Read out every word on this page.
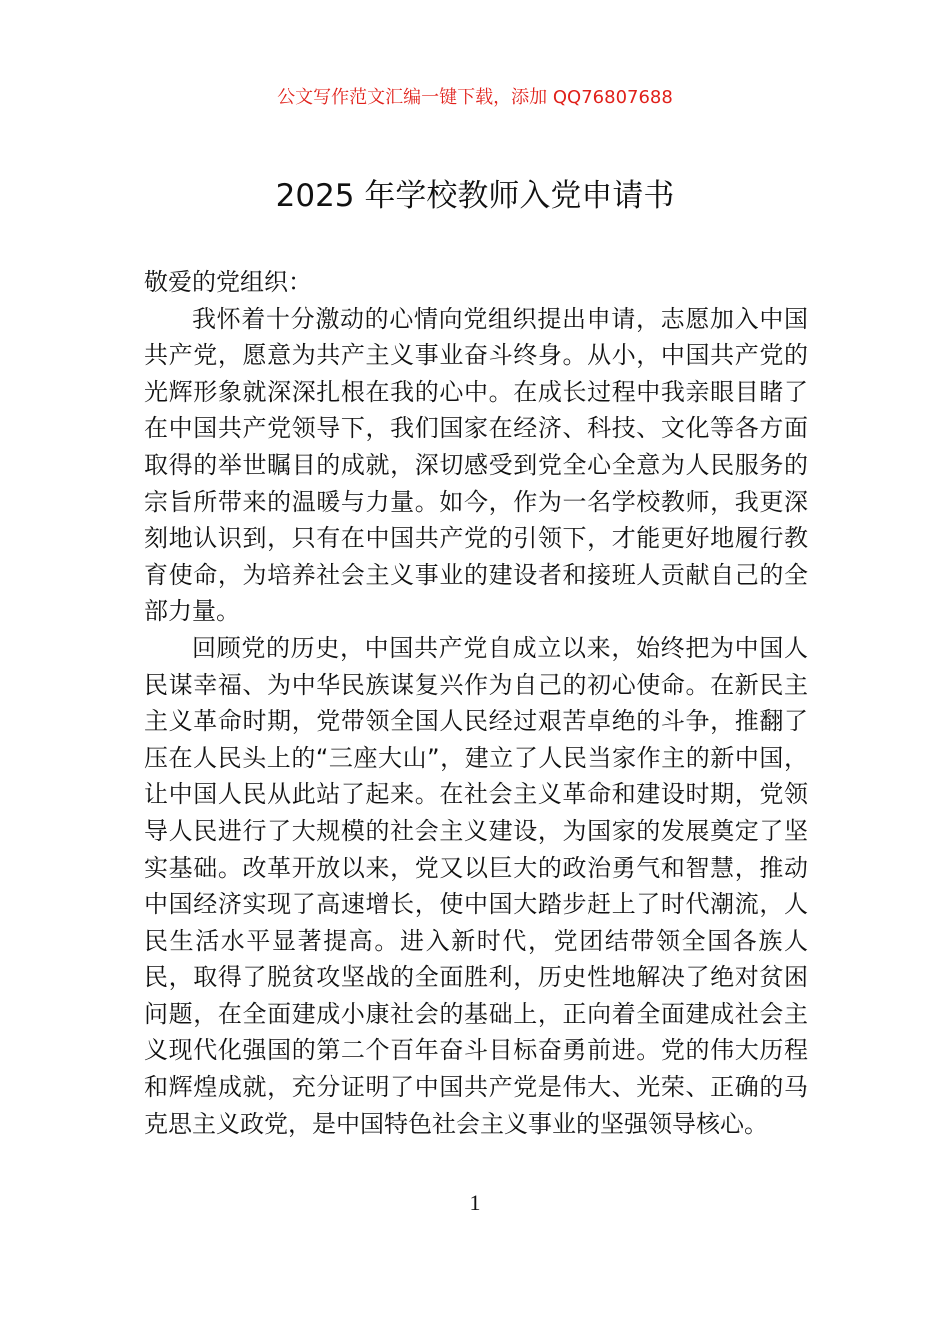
公文写作范文汇编一键下载，添加 QQ76807688
2025 年学校教师入党申请书

敬爱的党组织：

我怀着十分激动的心情向党组织提出申请，志愿加入中国共产党，愿意为共产主义事业奋斗终身。从小，中国共产党的光辉形象就深深扎根在我的心中。在成长过程中我亲眼目睹了在中国共产党领导下，我们国家在经济、科技、文化等各方面取得的举世瞩目的成就，深切感受到党全心全意为人民服务的宗旨所带来的温暖与力量。如今，作为一名学校教师，我更深刻地认识到，只有在中国共产党的引领下，才能更好地履行教育使命，为培养社会主义事业的建设者和接班人贡献自己的全部力量。

回顾党的历史，中国共产党自成立以来，始终把为中国人民谋幸福、为中华民族谋复兴作为自己的初心使命。在新民主主义革命时期，党带领全国人民经过艰苦卓绝的斗争，推翻了压在人民头上的“三座大山”，建立了人民当家作主的新中国，让中国人民从此站了起来。在社会主义革命和建设时期，党领导人民进行了大规模的社会主义建设，为国家的发展奠定了坚实基础。改革开放以来，党又以巨大的政治勇气和智慧，推动中国经济实现了高速增长，使中国大踏步赶上了时代潮流，人民生活水平显著提高。进入新时代，党团结带领全国各族人民，取得了脱贫攻坚战的全面胜利，历史性地解决了绝对贫困问题，在全面建成小康社会的基础上，正向着全面建成社会主义现代化强国的第二个百年奋斗目标奋勇前进。党的伟大历程和辉煌成就，充分证明了中国共产党是伟大、光荣、正确的马克思主义政党，是中国特色社会主义事业的坚强领导核心。

1
